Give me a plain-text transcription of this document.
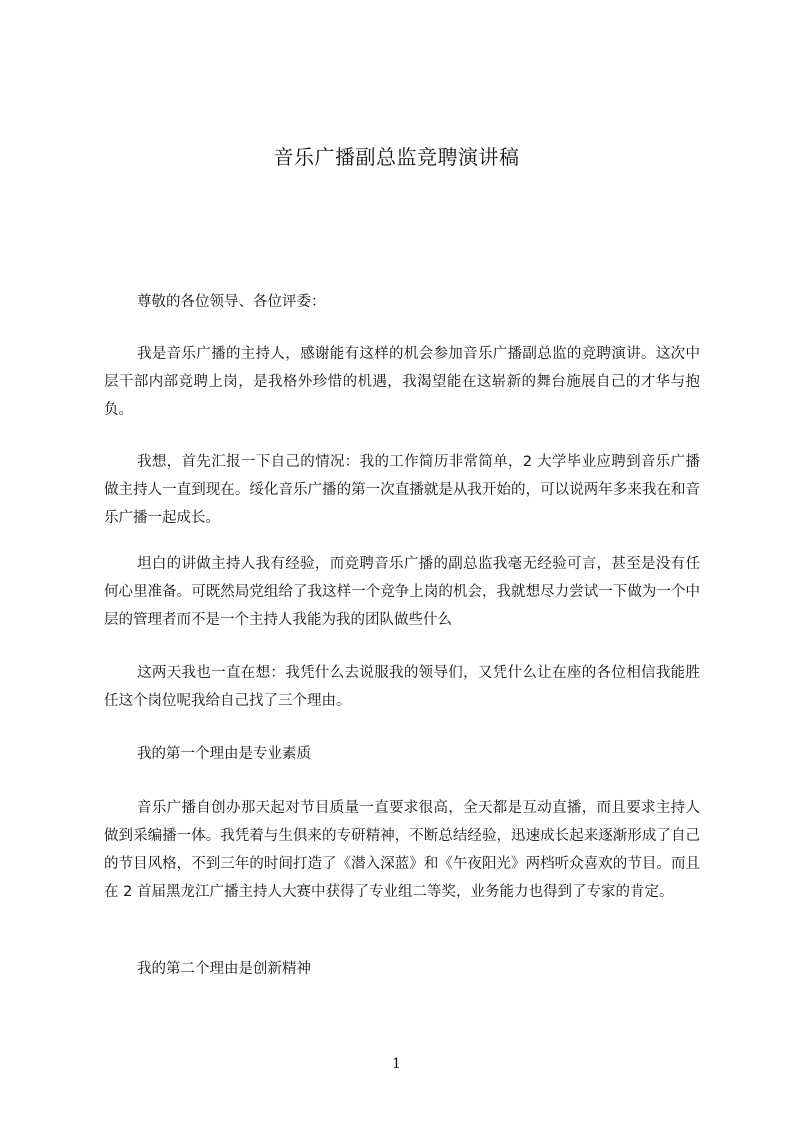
音乐广播副总监竞聘演讲稿

尊敬的各位领导、各位评委：

我是音乐广播的主持人，感谢能有这样的机会参加音乐广播副总监的竞聘演讲。这次中层干部内部竞聘上岗，是我格外珍惜的机遇，我渴望能在这崭新的舞台施展自己的才华与抱负。

我想，首先汇报一下自己的情况：我的工作简历非常简单，2 大学毕业应聘到音乐广播做主持人一直到现在。绥化音乐广播的第一次直播就是从我开始的，可以说两年多来我在和音乐广播一起成长。

坦白的讲做主持人我有经验，而竞聘音乐广播的副总监我毫无经验可言，甚至是没有任何心里准备。可既然局党组给了我这样一个竞争上岗的机会，我就想尽力尝试一下做为一个中层的管理者而不是一个主持人我能为我的团队做些什么

这两天我也一直在想：我凭什么去说服我的领导们，又凭什么让在座的各位相信我能胜任这个岗位呢我给自己找了三个理由。

我的第一个理由是专业素质

音乐广播自创办那天起对节目质量一直要求很高，全天都是互动直播，而且要求主持人做到采编播一体。我凭着与生俱来的专研精神，不断总结经验，迅速成长起来逐渐形成了自己的节目风格，不到三年的时间打造了《潜入深蓝》和《午夜阳光》两档听众喜欢的节目。而且在 2 首届黑龙江广播主持人大赛中获得了专业组二等奖，业务能力也得到了专家的肯定。

我的第二个理由是创新精神

1
